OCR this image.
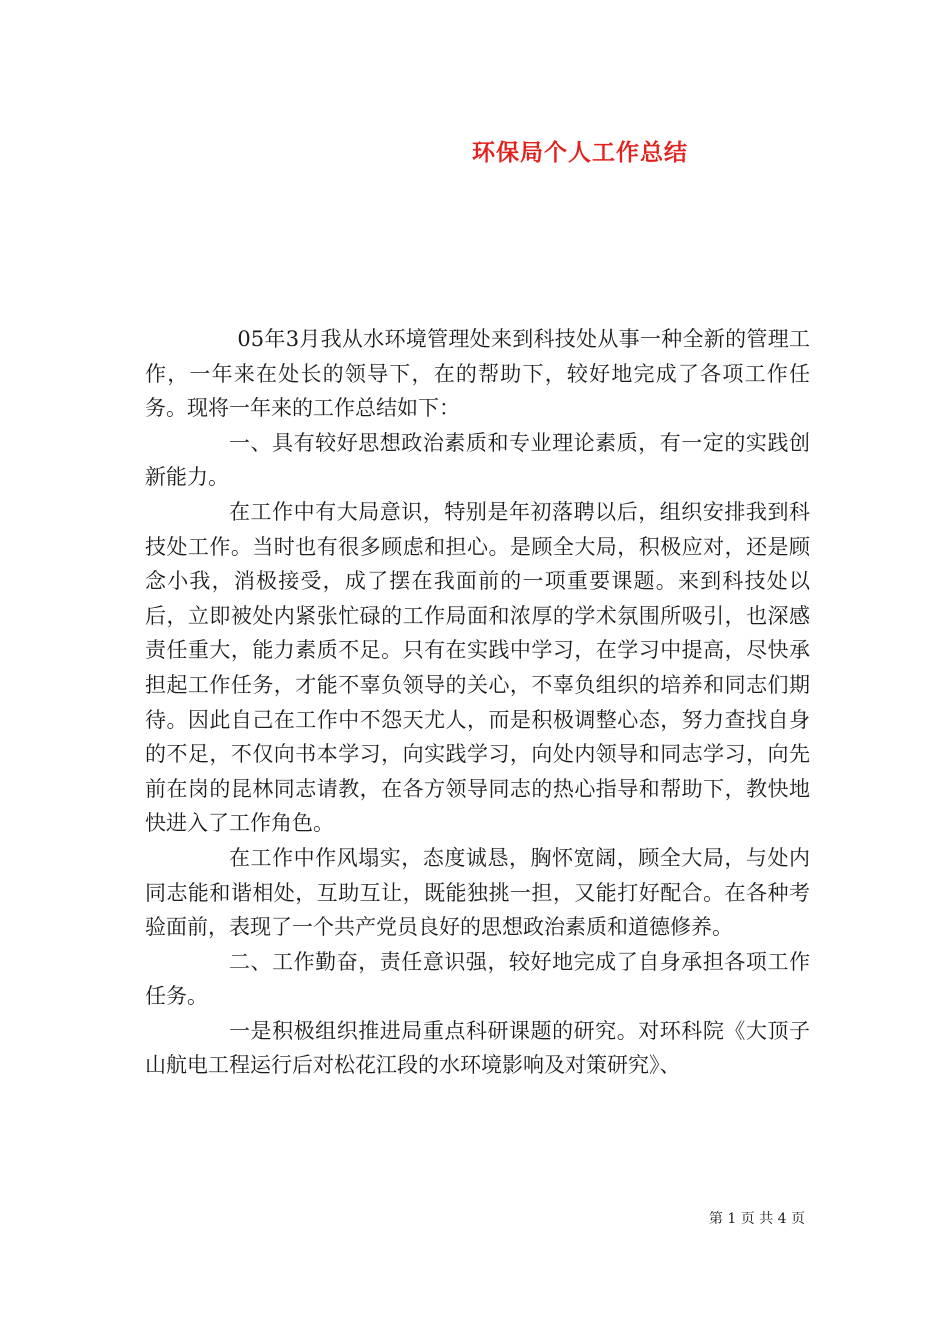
环保局个人工作总结

05年3月我从水环境管理处来到科技处从事一种全新的管理工作，一年来在处长的领导下，在的帮助下，较好地完成了各项工作任务。现将一年来的工作总结如下：

一、具有较好思想政治素质和专业理论素质，有一定的实践创新能力。

在工作中有大局意识，特别是年初落聘以后，组织安排我到科技处工作。当时也有很多顾虑和担心。是顾全大局，积极应对，还是顾念小我，消极接受，成了摆在我面前的一项重要课题。来到科技处以后，立即被处内紧张忙碌的工作局面和浓厚的学术氛围所吸引，也深感责任重大，能力素质不足。只有在实践中学习，在学习中提高，尽快承担起工作任务，才能不辜负领导的关心，不辜负组织的培养和同志们期待。因此自己在工作中不怨天尤人，而是积极调整心态，努力查找自身的不足，不仅向书本学习，向实践学习，向处内领导和同志学习，向先前在岗的昆林同志请教，在各方领导同志的热心指导和帮助下，教快地快进入了工作角色。

在工作中作风塌实，态度诚恳，胸怀宽阔，顾全大局，与处内同志能和谐相处，互助互让，既能独挑一担，又能打好配合。在各种考验面前，表现了一个共产党员良好的思想政治素质和道德修养。

二、工作勤奋，责任意识强，较好地完成了自身承担各项工作任务。

一是积极组织推进局重点科研课题的研究。对环科院《大顶子山航电工程运行后对松花江段的水环境影响及对策研究》、

第 1 页 共 4 页
